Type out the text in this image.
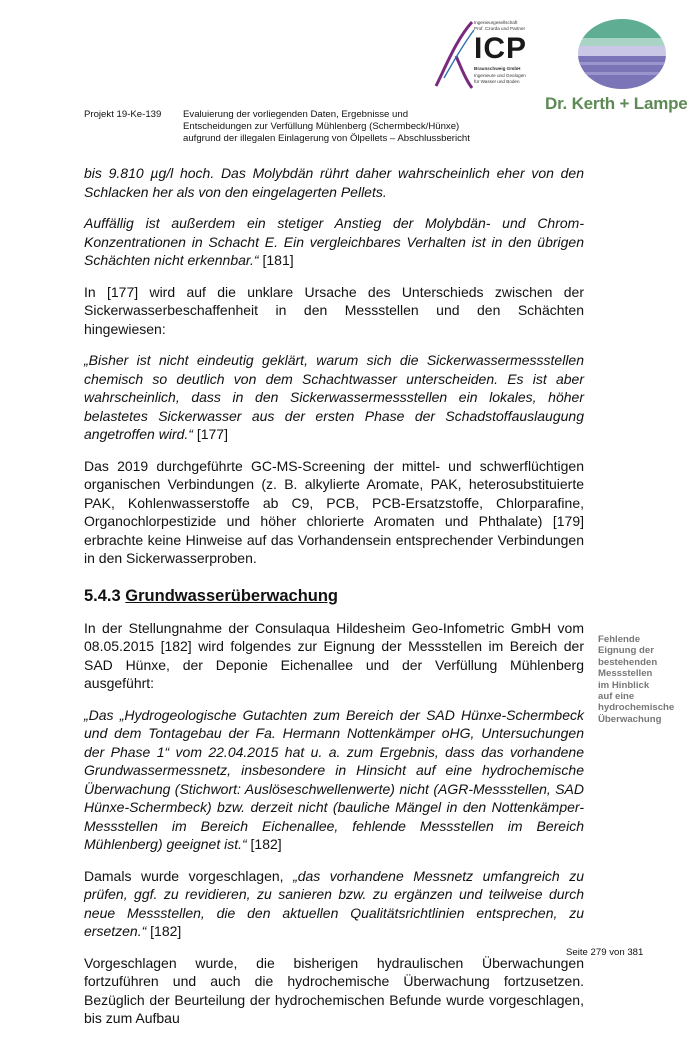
Projekt 19-Ke-139 Evaluierung der vorliegenden Daten, Ergebnisse und Entscheidungen zur Verfüllung Mühlenberg (Schermbeck/Hünxe) aufgrund der illegalen Einlagerung von Ölpellets – Abschlussbericht
Ingenieurgesellschaft
Prof. Czurda und Partner
ICP
Braunschweig GmbH
Ingenieure und Geologen
für Wasser und Boden
Dr. Kerth + Lampe

bis 9.810 µg/l hoch. Das Molybdän rührt daher wahrscheinlich eher von den Schlacken her als von den eingelagerten Pellets.

Auffällig ist außerdem ein stetiger Anstieg der Molybdän- und Chrom-Konzentrationen in Schacht E. Ein vergleichbares Verhalten ist in den übrigen Schächten nicht erkennbar.“ [181]

In [177] wird auf die unklare Ursache des Unterschieds zwischen der Sickerwasserbeschaffenheit in den Messstellen und den Schächten hingewiesen:

„Bisher ist nicht eindeutig geklärt, warum sich die Sickerwassermessstellen chemisch so deutlich von dem Schachtwasser unterscheiden. Es ist aber wahrscheinlich, dass in den Sickerwassermessstellen ein lokales, höher belastetes Sickerwasser aus der ersten Phase der Schadstoffauslaugung angetroffen wird.“ [177]

Das 2019 durchgeführte GC-MS-Screening der mittel- und schwerflüchtigen organischen Verbindungen (z. B. alkylierte Aromate, PAK, heterosubstituierte PAK, Kohlenwasserstoffe ab C9, PCB, PCB-Ersatzstoffe, Chlorparafine, Organochlorpestizide und höher chlorierte Aromaten und Phthalate) [179] erbrachte keine Hinweise auf das Vorhandensein entsprechender Verbindungen in den Sickerwasserproben.

5.4.3 Grundwasserüberwachung

In der Stellungnahme der Consulaqua Hildesheim Geo-Infometric GmbH vom 08.05.2015 [182] wird folgendes zur Eignung der Messstellen im Bereich der SAD Hünxe, der Deponie Eichenallee und der Verfüllung Mühlenberg ausgeführt:

„Das „Hydrogeologische Gutachten zum Bereich der SAD Hünxe-Schermbeck und dem Tontagebau der Fa. Hermann Nottenkämper oHG, Untersuchungen der Phase 1“ vom 22.04.2015 hat u. a. zum Ergebnis, dass das vorhandene Grundwassermessnetz, insbesondere in Hinsicht auf eine hydrochemische Überwachung (Stichwort: Auslöseschwellenwerte) nicht (AGR-Messstellen, SAD Hünxe-Schermbeck) bzw. derzeit nicht (bauliche Mängel in den Nottenkämper-Messstellen im Bereich Eichenallee, fehlende Messstellen im Bereich Mühlenberg) geeignet ist.“ [182]

Damals wurde vorgeschlagen, „das vorhandene Messnetz umfangreich zu prüfen, ggf. zu revidieren, zu sanieren bzw. zu ergänzen und teilweise durch neue Messstellen, die den aktuellen Qualitätsrichtlinien entsprechen, zu ersetzen.“ [182]

Vorgeschlagen wurde, die bisherigen hydraulischen Überwachungen fortzuführen und auch die hydrochemische Überwachung fortzusetzen. Bezüglich der Beurteilung der hydrochemischen Befunde wurde vorgeschlagen, bis zum Aufbau

Fehlende Eignung der bestehenden Messstellen im Hinblick auf eine hydrochemische Überwachung
Seite 279 von 381
